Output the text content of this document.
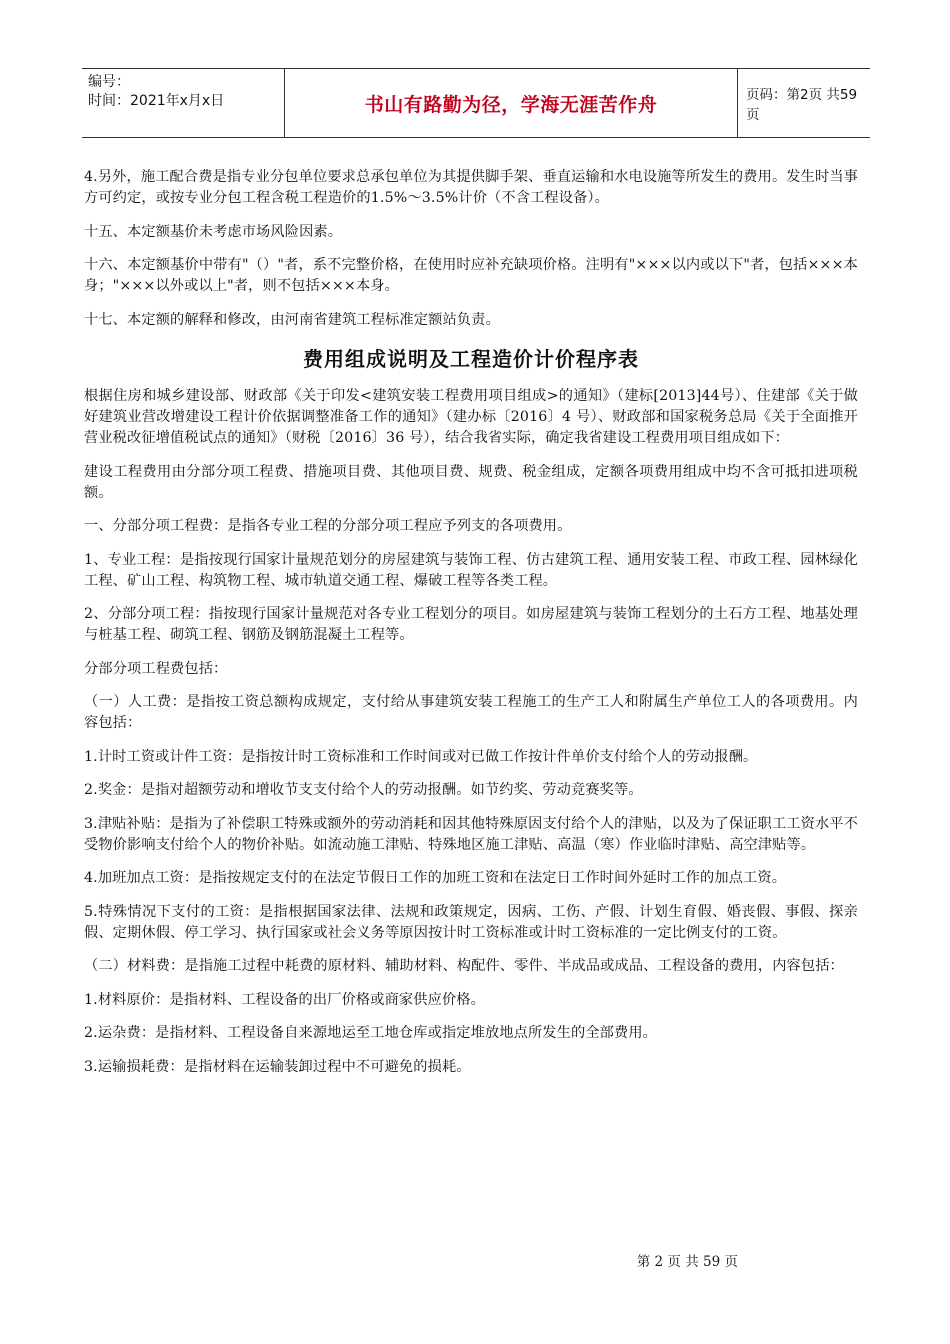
编号：
时间：2021年x月x日	书山有路勤为径，学海无涯苦作舟	页码：第2页 共59页

4.另外，施工配合费是指专业分包单位要求总承包单位为其提供脚手架、垂直运输和水电设施等所发生的费用。发生时当事方可约定，或按专业分包工程含税工程造价的1.5%～3.5%计价（不含工程设备）。

十五、本定额基价未考虑市场风险因素。

十六、本定额基价中带有"（）"者，系不完整价格，在使用时应补充缺项价格。注明有"×××以内或以下"者，包括×××本身；"×××以外或以上"者，则不包括×××本身。

十七、本定额的解释和修改，由河南省建筑工程标准定额站负责。

费用组成说明及工程造价计价程序表

根据住房和城乡建设部、财政部《关于印发<建筑安装工程费用项目组成>的通知》（建标[2013]44号）、住建部《关于做好建筑业营改增建设工程计价依据调整准备工作的通知》（建办标〔2016〕4 号）、财政部和国家税务总局《关于全面推开营业税改征增值税试点的通知》（财税〔2016〕36 号），结合我省实际，确定我省建设工程费用项目组成如下：

建设工程费用由分部分项工程费、措施项目费、其他项目费、规费、税金组成，定额各项费用组成中均不含可抵扣进项税额。

一、分部分项工程费：是指各专业工程的分部分项工程应予列支的各项费用。

1、专业工程：是指按现行国家计量规范划分的房屋建筑与装饰工程、仿古建筑工程、通用安装工程、市政工程、园林绿化工程、矿山工程、构筑物工程、城市轨道交通工程、爆破工程等各类工程。

2、分部分项工程：指按现行国家计量规范对各专业工程划分的项目。如房屋建筑与装饰工程划分的土石方工程、地基处理与桩基工程、砌筑工程、钢筋及钢筋混凝土工程等。

分部分项工程费包括：

（一）人工费：是指按工资总额构成规定，支付给从事建筑安装工程施工的生产工人和附属生产单位工人的各项费用。内容包括：

1.计时工资或计件工资：是指按计时工资标准和工作时间或对已做工作按计件单价支付给个人的劳动报酬。

2.奖金：是指对超额劳动和增收节支支付给个人的劳动报酬。如节约奖、劳动竞赛奖等。

3.津贴补贴：是指为了补偿职工特殊或额外的劳动消耗和因其他特殊原因支付给个人的津贴，以及为了保证职工工资水平不受物价影响支付给个人的物价补贴。如流动施工津贴、特殊地区施工津贴、高温（寒）作业临时津贴、高空津贴等。

4.加班加点工资：是指按规定支付的在法定节假日工作的加班工资和在法定日工作时间外延时工作的加点工资。

5.特殊情况下支付的工资：是指根据国家法律、法规和政策规定，因病、工伤、产假、计划生育假、婚丧假、事假、探亲假、定期休假、停工学习、执行国家或社会义务等原因按计时工资标准或计时工资标准的一定比例支付的工资。

（二）材料费：是指施工过程中耗费的原材料、辅助材料、构配件、零件、半成品或成品、工程设备的费用，内容包括：

1.材料原价：是指材料、工程设备的出厂价格或商家供应价格。

2.运杂费：是指材料、工程设备自来源地运至工地仓库或指定堆放地点所发生的全部费用。

3.运输损耗费：是指材料在运输装卸过程中不可避免的损耗。

第 2 页 共 59 页
